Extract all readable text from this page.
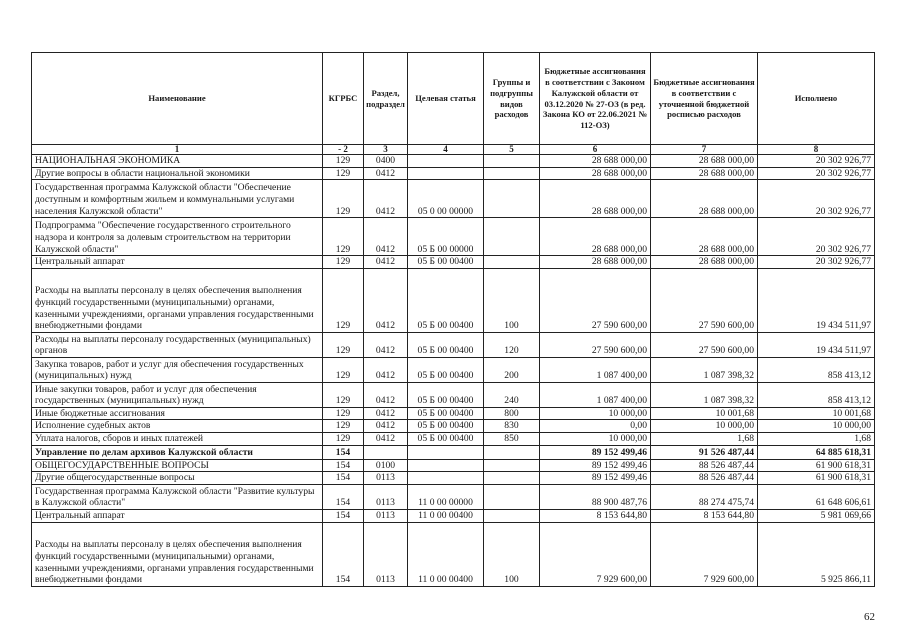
Наименование	КГРБС	Раздел, подраздел	Целевая статья	Группы и подгруппы видов расходов	Бюджетные ассигнования в соответствии с Законом Калужской области от 03.12.2020 № 27-ОЗ (в ред. Закона КО от 22.06.2021 № 112-ОЗ)	Бюджетные ассигнования в соответствии с уточненной бюджетной росписью расходов	Исполнено
1	- 2	3	4	5	6	7	8
НАЦИОНАЛЬНАЯ ЭКОНОМИКА	129	0400			28 688 000,00	28 688 000,00	20 302 926,77
Другие вопросы в области национальной экономики	129	0412			28 688 000,00	28 688 000,00	20 302 926,77
Государственная программа Калужской области "Обеспечение доступным и комфортным жильем и коммунальными услугами населения Калужской области"	129	0412	05 0 00 00000		28 688 000,00	28 688 000,00	20 302 926,77
Подпрограмма "Обеспечение государственного строительного надзора и контроля за долевым строительством на территории Калужской области"	129	0412	05 Б 00 00000		28 688 000,00	28 688 000,00	20 302 926,77
Центральный аппарат	129	0412	05 Б 00 00400		28 688 000,00	28 688 000,00	20 302 926,77
Расходы на выплаты персоналу в целях обеспечения выполнения функций государственными (муниципальными) органами, казенными учреждениями, органами управления государственными внебюджетными фондами	129	0412	05 Б 00 00400	100	27 590 600,00	27 590 600,00	19 434 511,97
Расходы на выплаты персоналу государственных (муниципальных) органов	129	0412	05 Б 00 00400	120	27 590 600,00	27 590 600,00	19 434 511,97
Закупка товаров, работ и услуг для обеспечения государственных (муниципальных) нужд	129	0412	05 Б 00 00400	200	1 087 400,00	1 087 398,32	858 413,12
Иные закупки товаров, работ и услуг для обеспечения государственных (муниципальных) нужд	129	0412	05 Б 00 00400	240	1 087 400,00	1 087 398,32	858 413,12
Иные бюджетные ассигнования	129	0412	05 Б 00 00400	800	10 000,00	10 001,68	10 001,68
Исполнение судебных актов	129	0412	05 Б 00 00400	830	0,00	10 000,00	10 000,00
Уплата налогов, сборов и иных платежей	129	0412	05 Б 00 00400	850	10 000,00	1,68	1,68
Управление по делам архивов Калужской области	154				89 152 499,46	91 526 487,44	64 885 618,31
ОБЩЕГОСУДАРСТВЕННЫЕ ВОПРОСЫ	154	0100			89 152 499,46	88 526 487,44	61 900 618,31
Другие общегосударственные вопросы	154	0113			89 152 499,46	88 526 487,44	61 900 618,31
Государственная программа Калужской области "Развитие культуры в Калужской области"	154	0113	11 0 00 00000		88 900 487,76	88 274 475,74	61 648 606,61
Центральный аппарат	154	0113	11 0 00 00400		8 153 644,80	8 153 644,80	5 981 069,66
Расходы на выплаты персоналу в целях обеспечения выполнения функций государственными (муниципальными) органами, казенными учреждениями, органами управления государственными внебюджетными фондами	154	0113	11 0 00 00400	100	7 929 600,00	7 929 600,00	5 925 866,11
62
